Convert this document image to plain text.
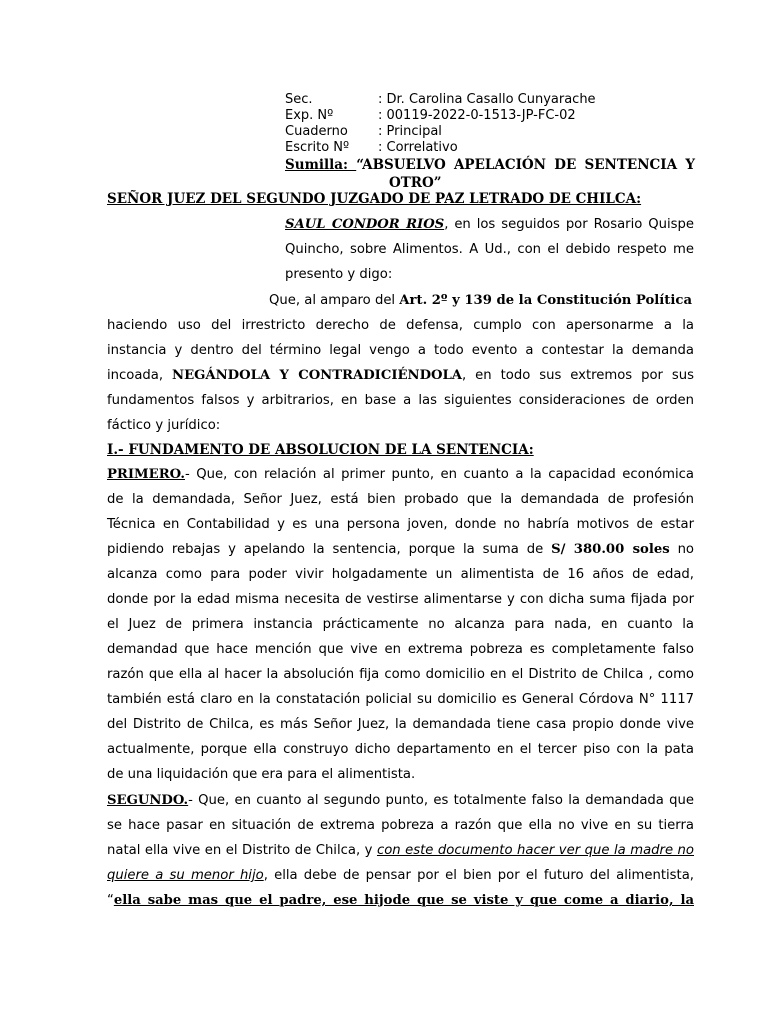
Sec.	: Dr. Carolina Casallo Cunyarache
Exp. Nº	: 00119-2022-0-1513-JP-FC-02
Cuaderno : Principal
Escrito Nº : Correlativo
Sumilla: “ABSUELVO APELACIÓN DE SENTENCIA Y
OTRO”
SEÑOR JUEZ DEL SEGUNDO JUZGADO DE PAZ LETRADO DE CHILCA:
SAUL CONDOR RIOS, en los seguidos por Rosario Quispe
Quincho, sobre Alimentos. A Ud., con el debido respeto me
presento y digo:
Que, al amparo del Art. 2º y 139 de la Constitución Política
haciendo uso del irrestricto derecho de defensa, cumplo con apersonarme a la
instancia y dentro del término legal vengo a todo evento a contestar la demanda
incoada, NEGÁNDOLA Y CONTRADICIÉNDOLA, en todo sus extremos por sus
fundamentos falsos y arbitrarios, en base a las siguientes consideraciones de orden
fáctico y jurídico:
I.- FUNDAMENTO DE ABSOLUCION DE LA SENTENCIA:
PRIMERO.- Que, con relación al primer punto, en cuanto a la capacidad económica
de la demandada, Señor Juez, está bien probado que la demandada de profesión
Técnica en Contabilidad y es una persona joven, donde no habría motivos de estar
pidiendo rebajas y apelando la sentencia, porque la suma de S/ 380.00 soles no
alcanza como para poder vivir holgadamente un alimentista de 16 años de edad,
donde por la edad misma necesita de vestirse alimentarse y con dicha suma fijada por
el Juez de primera instancia prácticamente no alcanza para nada, en cuanto la
demandad que hace mención que vive en extrema pobreza es completamente falso
razón que ella al hacer la absolución fija como domicilio en el Distrito de Chilca , como
también está claro en la constatación policial su domicilio es General Córdova N° 1117
del Distrito de Chilca, es más Señor Juez, la demandada tiene casa propio donde vive
actualmente, porque ella construyo dicho departamento en el tercer piso con la pata
de una liquidación que era para el alimentista.
SEGUNDO.- Que, en cuanto al segundo punto, es totalmente falso la demandada que
se hace pasar en situación de extrema pobreza a razón que ella no vive en su tierra
natal ella vive en el Distrito de Chilca, y con este documento hacer ver que la madre no
quiere a su menor hijo, ella debe de pensar por el bien por el futuro del alimentista,
“ella sabe mas que el padre, ese hijode que se viste y que come a diario, la
